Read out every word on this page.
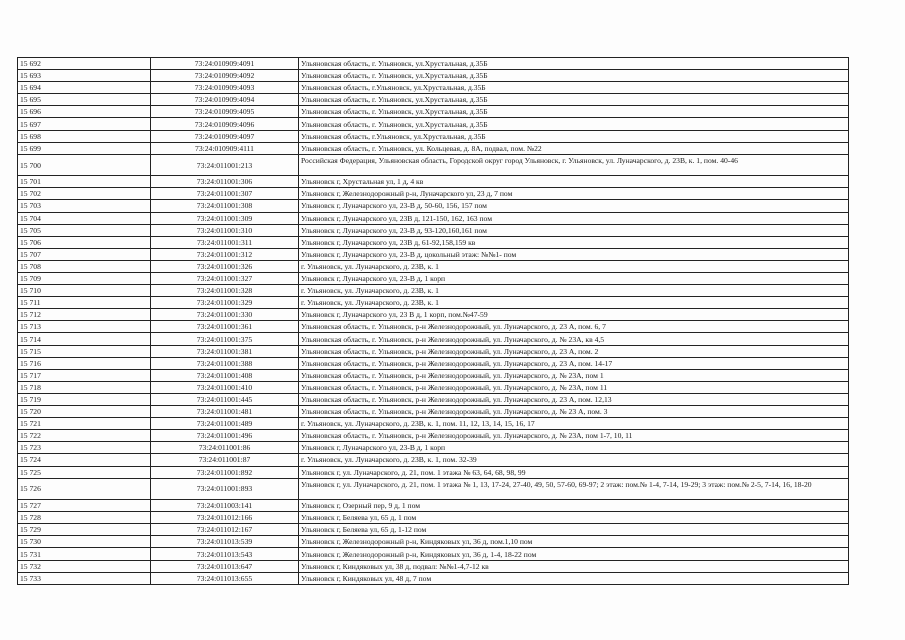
15 692	73:24:010909:4091	Ульяновская область, г. Ульяновск, ул.Хрустальная, д.35Б
15 693	73:24:010909:4092	Ульяновская область, г. Ульяновск, ул.Хрустальная, д.35Б
15 694	73:24:010909:4093	Ульяновская область, г.Ульяновск, ул.Хрустальная, д.35Б
15 695	73:24:010909:4094	Ульяновская область, г. Ульяновск, ул.Хрустальная, д.35Б
15 696	73:24:010909:4095	Ульяновская область, г. Ульяновск, ул.Хрустальная, д.35Б
15 697	73:24:010909:4096	Ульяновская область, г. Ульяновск, ул.Хрустальная, д.35Б
15 698	73:24:010909:4097	Ульяновская область, г.Ульяновск, ул.Хрустальная, д.35Б
15 699	73:24:010909:4111	Ульяновская область, г. Ульяновск, ул. Кольцевая, д. 8А, подвал, пом. №22
15 700	73:24:011001:213	Российская Федерация, Ульяновская область, Городской округ город Ульяновск, г. Ульяновск, ул. Луначарского, д. 23В, к. 1, пом. 40-46
15 701	73:24:011001:306	Ульяновск г, Хрустальная ул, 1 д, 4 кв
15 702	73:24:011001:307	Ульяновск г, Железнодорожный р-н, Луначарского ул, 23 д, 7 пом
15 703	73:24:011001:308	Ульяновск г, Луначарского ул, 23-В д, 50-60, 156, 157 пом
15 704	73:24:011001:309	Ульяновск г, Луначарского ул, 23В д, 121-150, 162, 163 пом
15 705	73:24:011001:310	Ульяновск г, Луначарского ул, 23-В д, 93-120,160,161 пом
15 706	73:24:011001:311	Ульяновск г, Луначарского ул, 23В д, 61-92,158,159 кв
15 707	73:24:011001:312	Ульяновск г, Луначарского ул, 23-В д, цокольный этаж: №№1- пом
15 708	73:24:011001:326	г. Ульяновск, ул. Луначарского, д. 23В, к. 1
15 709	73:24:011001:327	Ульяновск г, Луначарского ул, 23-В д, 1 корп
15 710	73:24:011001:328	г. Ульяновск, ул. Луначарского, д. 23В, к. 1
15 711	73:24:011001:329	г. Ульяновск, ул. Луначарского, д. 23В, к. 1
15 712	73:24:011001:330	Ульяновск г, Луначарского ул, 23 В д, 1 корп, пом.№47-59
15 713	73:24:011001:361	Ульяновская область, г. Ульяновск, р-н Железнодорожный, ул. Луначарского, д. 23 А, пом. 6, 7
15 714	73:24:011001:375	Ульяновская область, г. Ульяновск, р-н Железнодорожный, ул. Луначарского, д. № 23А, кв 4,5
15 715	73:24:011001:381	Ульяновская область, г. Ульяновск, р-н Железнодорожный, ул. Луначарского, д. 23 А, пом. 2
15 716	73:24:011001:388	Ульяновская область, г. Ульяновск, р-н Железнодорожный, ул. Луначарского, д. 23 А, пом. 14-17
15 717	73:24:011001:408	Ульяновская область, г. Ульяновск, р-н Железнодорожный, ул. Луначарского, д. № 23А, пом 1
15 718	73:24:011001:410	Ульяновская область, г. Ульяновск, р-н Железнодорожный, ул. Луначарского, д. № 23А, пом 11
15 719	73:24:011001:445	Ульяновская область, г. Ульяновск, р-н Железнодорожный, ул. Луначарского, д. 23 А, пом. 12,13
15 720	73:24:011001:481	Ульяновская область, г. Ульяновск, р-н Железнодорожный, ул. Луначарского, д. № 23 А, пом. 3
15 721	73:24:011001:489	г. Ульяновск, ул. Луначарского, д. 23В, к. 1, пом. 11, 12, 13, 14, 15, 16, 17
15 722	73:24:011001:496	Ульяновская область, г. Ульяновск, р-н Железнодорожный, ул. Луначарского, д. № 23А, пом 1-7, 10, 11
15 723	73:24:011001:86	Ульяновск г, Луначарского ул, 23-В д, 1 корп
15 724	73:24:011001:87	г. Ульяновск, ул. Луначарского, д. 23В, к. 1, пом. 32-39
15 725	73:24:011001:892	Ульяновск г, ул. Луначарского, д. 21, пом. 1 этажа № 63, 64, 68, 98, 99
15 726	73:24:011001:893	Ульяновск г, ул. Луначарского, д. 21, пом. 1 этажа № 1, 13, 17-24, 27-40, 49, 50, 57-60, 69-97; 2 этаж: пом.№ 1-4, 7-14, 19-29; 3 этаж: пом.№ 2-5, 7-14, 16, 18-20
15 727	73:24:011003:141	Ульяновск г, Озерный пер, 9 д, 1 пом
15 728	73:24:011012:166	Ульяновск г, Беляева ул, 65 д, 1 пом
15 729	73:24:011012:167	Ульяновск г, Беляева ул, 65 д, 1-12 пом
15 730	73:24:011013:539	Ульяновск г, Железнодорожный р-н, Киндяковых ул, 36 д, пом.1,10 пом
15 731	73:24:011013:543	Ульяновск г, Железнодорожный р-н, Киндяковых ул, 36 д, 1-4, 18-22 пом
15 732	73:24:011013:647	Ульяновск г, Киндяковых ул, 38 д, подвал: №№1-4,7-12 кв
15 733	73:24:011013:655	Ульяновск г, Киндяковых ул, 48 д, 7 пом
